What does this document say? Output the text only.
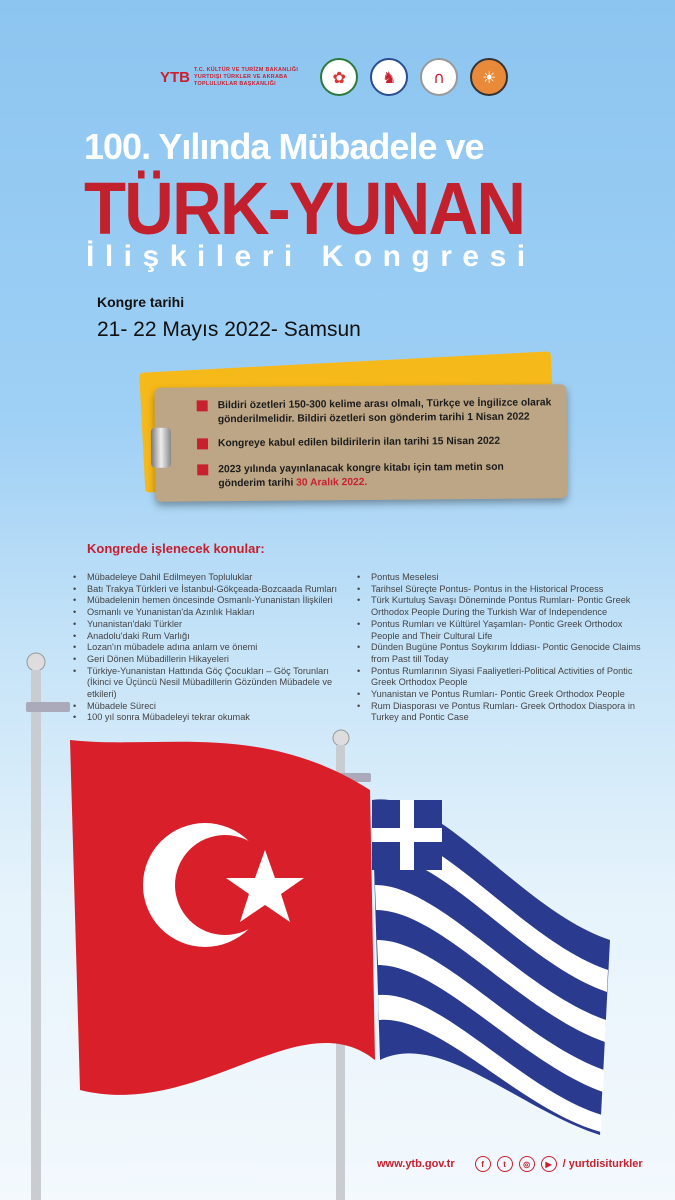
YTB T.C. KÜLTÜR VE TURİZM BAKANLIĞI
YURTDIŞI TÜRKLER VE AKRABA
TOPLULUKLAR BAŞKANLIĞI	✿	♞	∩	☀
100. Yılında Mübadele ve
TÜRK-YUNAN
İlişkileri Kongresi
Kongre tarihi
21- 22 Mayıs 2022- Samsun
Bildiri özetleri 150-300 kelime arası olmalı, Türkçe ve İngilizce olarak gönderilmelidir. Bildiri özetleri son gönderim tarihi 1 Nisan 2022
Kongreye kabul edilen bildirilerin ilan tarihi 15 Nisan 2022
2023 yılında yayınlanacak kongre kitabı için tam metin son gönderim tarihi 30 Aralık 2022.
Kongrede işlenecek konular:
• Mübadeleye Dahil Edilmeyen Topluluklar
• Batı Trakya Türkleri ve İstanbul-Gökçeada-Bozcaada Rumları
• Mübadelenin hemen öncesinde Osmanlı-Yunanistan İlişkileri
• Osmanlı ve Yunanistan'da Azınlık Hakları
• Yunanistan'daki Türkler
• Anadolu'daki Rum Varlığı
• Lozan'ın mübadele adına anlam ve önemi
• Geri Dönen Mübadillerin Hikayeleri
• Türkiye-Yunanistan Hattında Göç Çocukları – Göç Torunları (İkinci ve Üçüncü Nesil Mübadillerin Gözünden Mübadele ve etkileri)
• Mübadele Süreci
• 100 yıl sonra Mübadeleyi tekrar okumak
• Pontus Meselesi
• Tarihsel Süreçte Pontus- Pontus in the Historical Process
• Türk Kurtuluş Savaşı Döneminde Pontus Rumları- Pontic Greek Orthodox People During the Turkish War of Independence
• Pontus Rumları ve Kültürel Yaşamları- Pontic Greek Orthodox People and Their Cultural Life
• Dünden Bugüne Pontus Soykırım İddiası- Pontic Genocide Claims from Past till Today
• Pontus Rumlarının Siyasi Faaliyetleri-Political Activities of Pontic Greek Orthodox People
• Yunanistan ve Pontus Rumları- Pontic Greek Orthodox People
• Rum Diasporası ve Pontus Rumları- Greek Orthodox Diaspora in Turkey and Pontic Case
www.ytb.gov.tr	f	t	◎	▶ / yurtdisiturkler
